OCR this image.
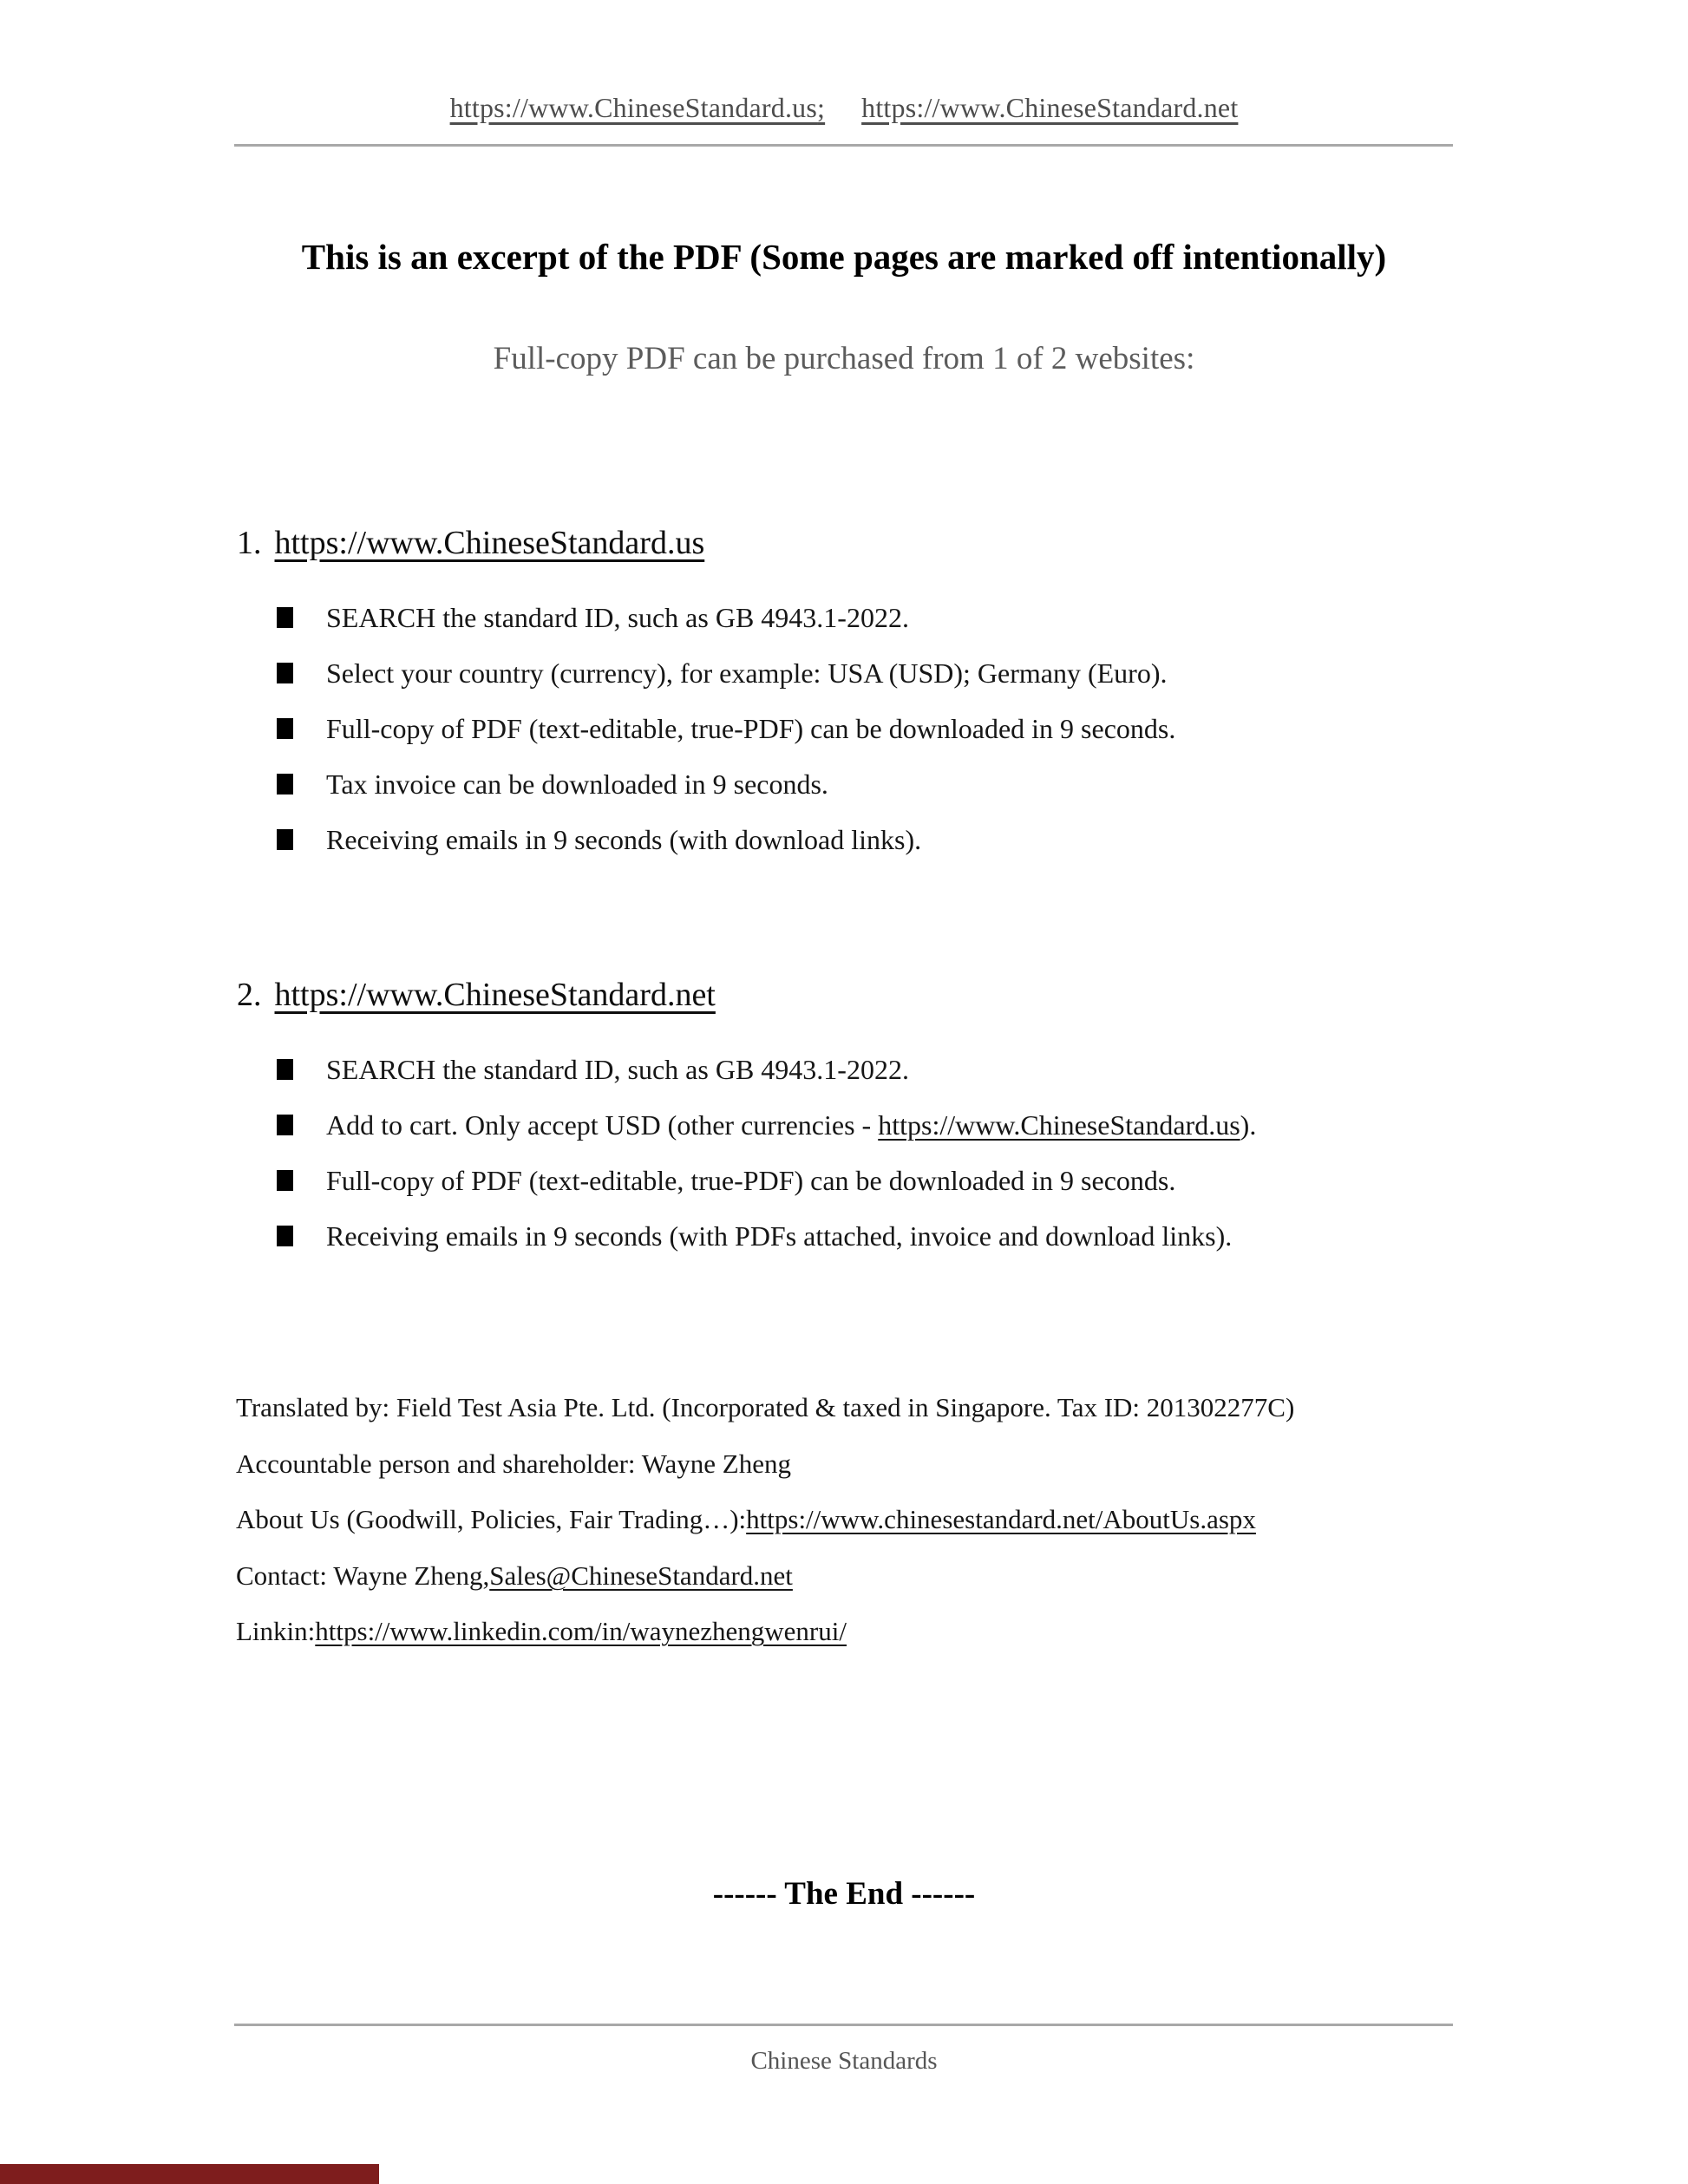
https://www.ChineseStandard.us; https://www.ChineseStandard.net
This is an excerpt of the PDF (Some pages are marked off intentionally)
Full-copy PDF can be purchased from 1 of 2 websites:
1. https://www.ChineseStandard.us
SEARCH the standard ID, such as GB 4943.1-2022.
Select your country (currency), for example: USA (USD); Germany (Euro).
Full-copy of PDF (text-editable, true-PDF) can be downloaded in 9 seconds.
Tax invoice can be downloaded in 9 seconds.
Receiving emails in 9 seconds (with download links).
2. https://www.ChineseStandard.net
SEARCH the standard ID, such as GB 4943.1-2022.
Add to cart. Only accept USD (other currencies - https://www.ChineseStandard.us).
Full-copy of PDF (text-editable, true-PDF) can be downloaded in 9 seconds.
Receiving emails in 9 seconds (with PDFs attached, invoice and download links).
Translated by: Field Test Asia Pte. Ltd. (Incorporated & taxed in Singapore. Tax ID: 201302277C)
Accountable person and shareholder: Wayne Zheng
About Us (Goodwill, Policies, Fair Trading…): https://www.chinesestandard.net/AboutUs.aspx
Contact: Wayne Zheng, Sales@ChineseStandard.net
Linkin: https://www.linkedin.com/in/waynezhengwenrui/
------ The End ------
Chinese Standards
